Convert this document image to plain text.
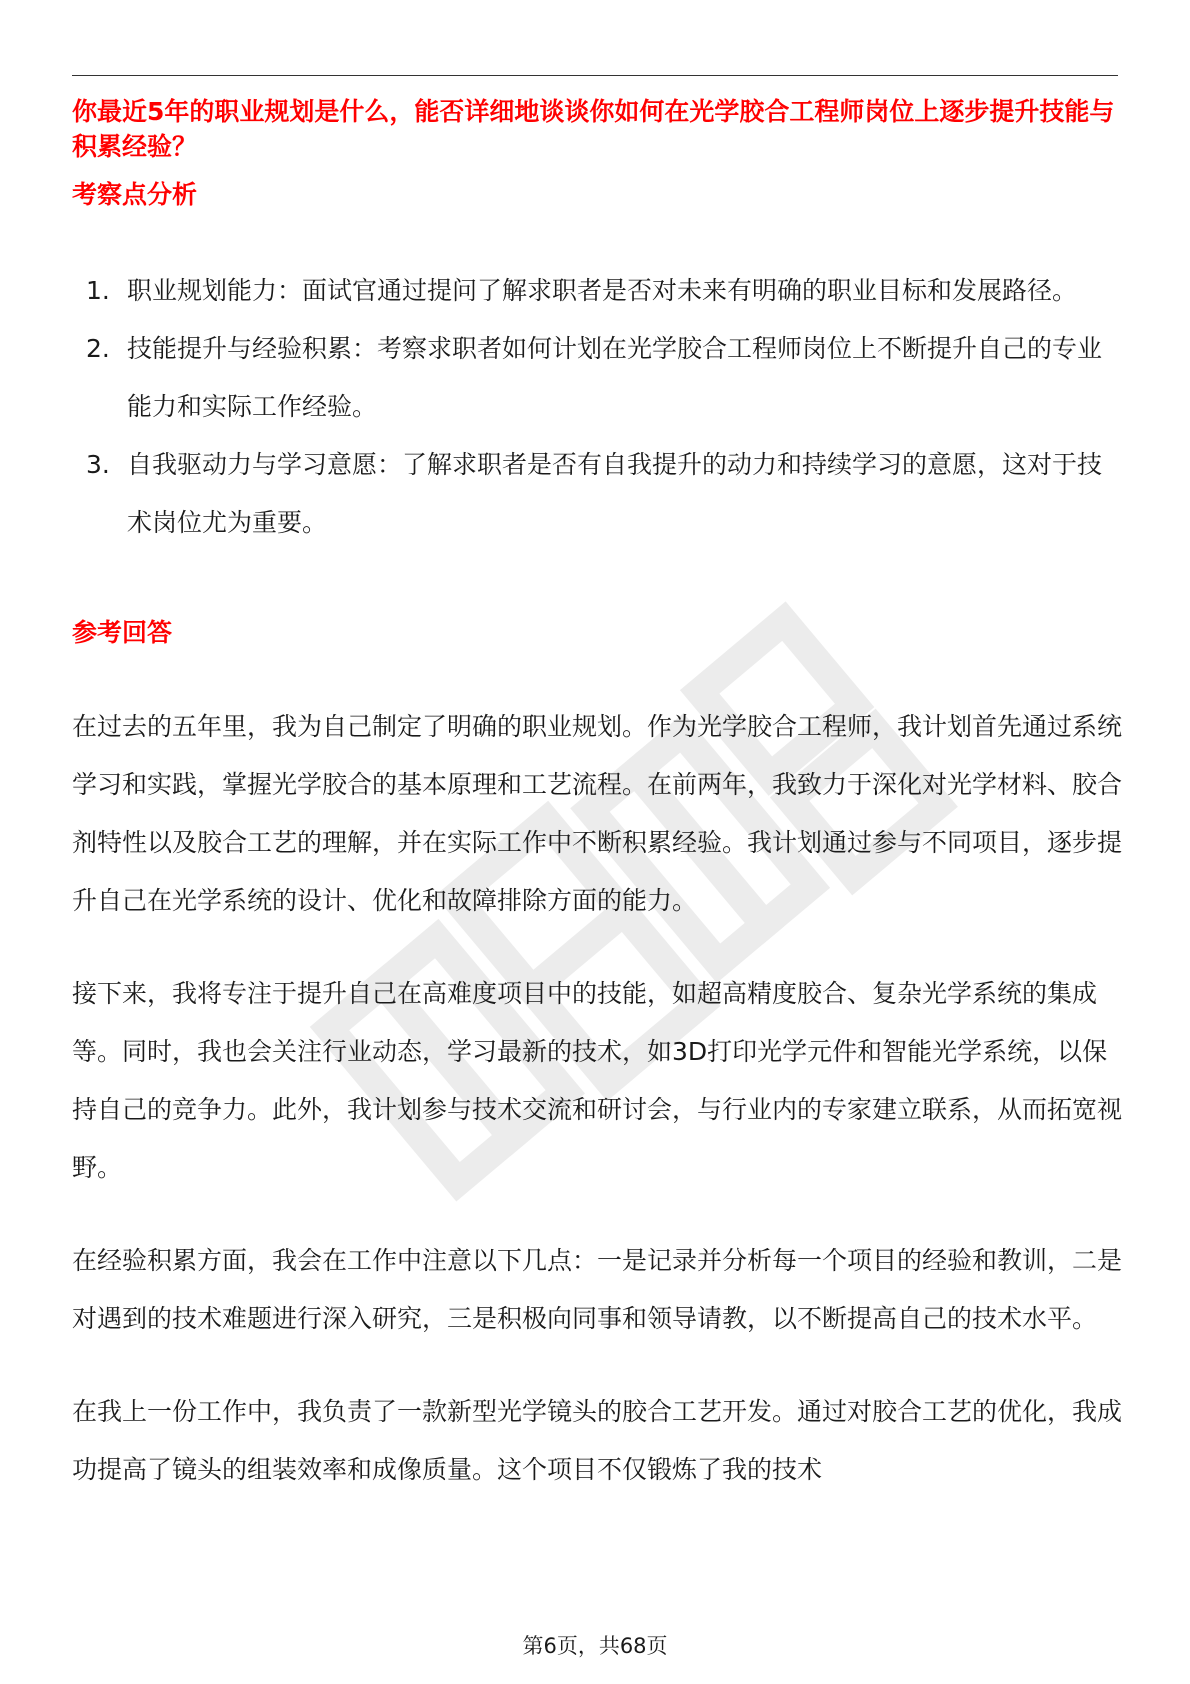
你最近5年的职业规划是什么，能否详细地谈谈你如何在光学胶合工程师岗位上逐步提升技能与积累经验？
考察点分析
1. 职业规划能力：面试官通过提问了解求职者是否对未来有明确的职业目标和发展路径。
2. 技能提升与经验积累：考察求职者如何计划在光学胶合工程师岗位上不断提升自己的专业能力和实际工作经验。
3. 自我驱动力与学习意愿：了解求职者是否有自我提升的动力和持续学习的意愿，这对于技术岗位尤为重要。
参考回答

在过去的五年里，我为自己制定了明确的职业规划。作为光学胶合工程师，我计划首先通过系统学习和实践，掌握光学胶合的基本原理和工艺流程。在前两年，我致力于深化对光学材料、胶合剂特性以及胶合工艺的理解，并在实际工作中不断积累经验。我计划通过参与不同项目，逐步提升自己在光学系统的设计、优化和故障排除方面的能力。

接下来，我将专注于提升自己在高难度项目中的技能，如超高精度胶合、复杂光学系统的集成等。同时，我也会关注行业动态，学习最新的技术，如3D打印光学元件和智能光学系统，以保持自己的竞争力。此外，我计划参与技术交流和研讨会，与行业内的专家建立联系，从而拓宽视野。

在经验积累方面，我会在工作中注意以下几点：一是记录并分析每一个项目的经验和教训，二是对遇到的技术难题进行深入研究，三是积极向同事和领导请教，以不断提高自己的技术水平。

在我上一份工作中，我负责了一款新型光学镜头的胶合工艺开发。通过对胶合工艺的优化，我成功提高了镜头的组装效率和成像质量。这个项目不仅锻炼了我的技术

第6页，共68页
